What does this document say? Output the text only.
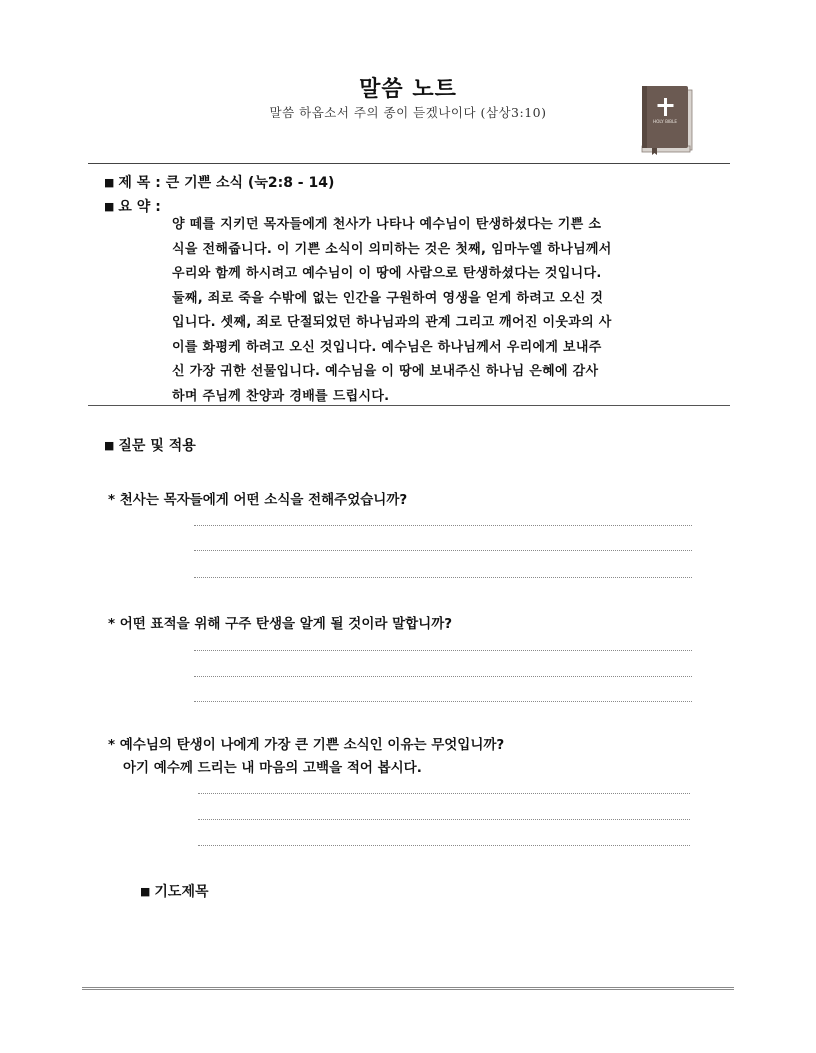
말씀 노트
말씀 하옵소서 주의 종이 듣겠나이다 (삼상3:10)
HOLY BIBLE
■ 제 목 : 큰 기쁜 소식 (눅2:8 - 14)
■ 요 약 :
양 떼를 지키던 목자들에게 천사가 나타나 예수님이 탄생하셨다는 기쁜 소
식을 전해줍니다. 이 기쁜 소식이 의미하는 것은 첫째, 임마누엘 하나님께서
우리와 함께 하시려고 예수님이 이 땅에 사람으로 탄생하셨다는 것입니다.
둘째, 죄로 죽을 수밖에 없는 인간을 구원하여 영생을 얻게 하려고 오신 것
입니다. 셋째, 죄로 단절되었던 하나님과의 관계 그리고 깨어진 이웃과의 사
이를 화평케 하려고 오신 것입니다. 예수님은 하나님께서 우리에게 보내주
신 가장 귀한 선물입니다. 예수님을 이 땅에 보내주신 하나님 은혜에 감사
하며 주님께 찬양과 경배를 드립시다.
■ 질문 및 적용
* 천사는 목자들에게 어떤 소식을 전해주었습니까?
* 어떤 표적을 위해 구주 탄생을 알게 될 것이라 말합니까?
* 예수님의 탄생이 나에게 가장 큰 기쁜 소식인 이유는 무엇입니까?
아기 예수께 드리는 내 마음의 고백을 적어 봅시다.
■ 기도제목
